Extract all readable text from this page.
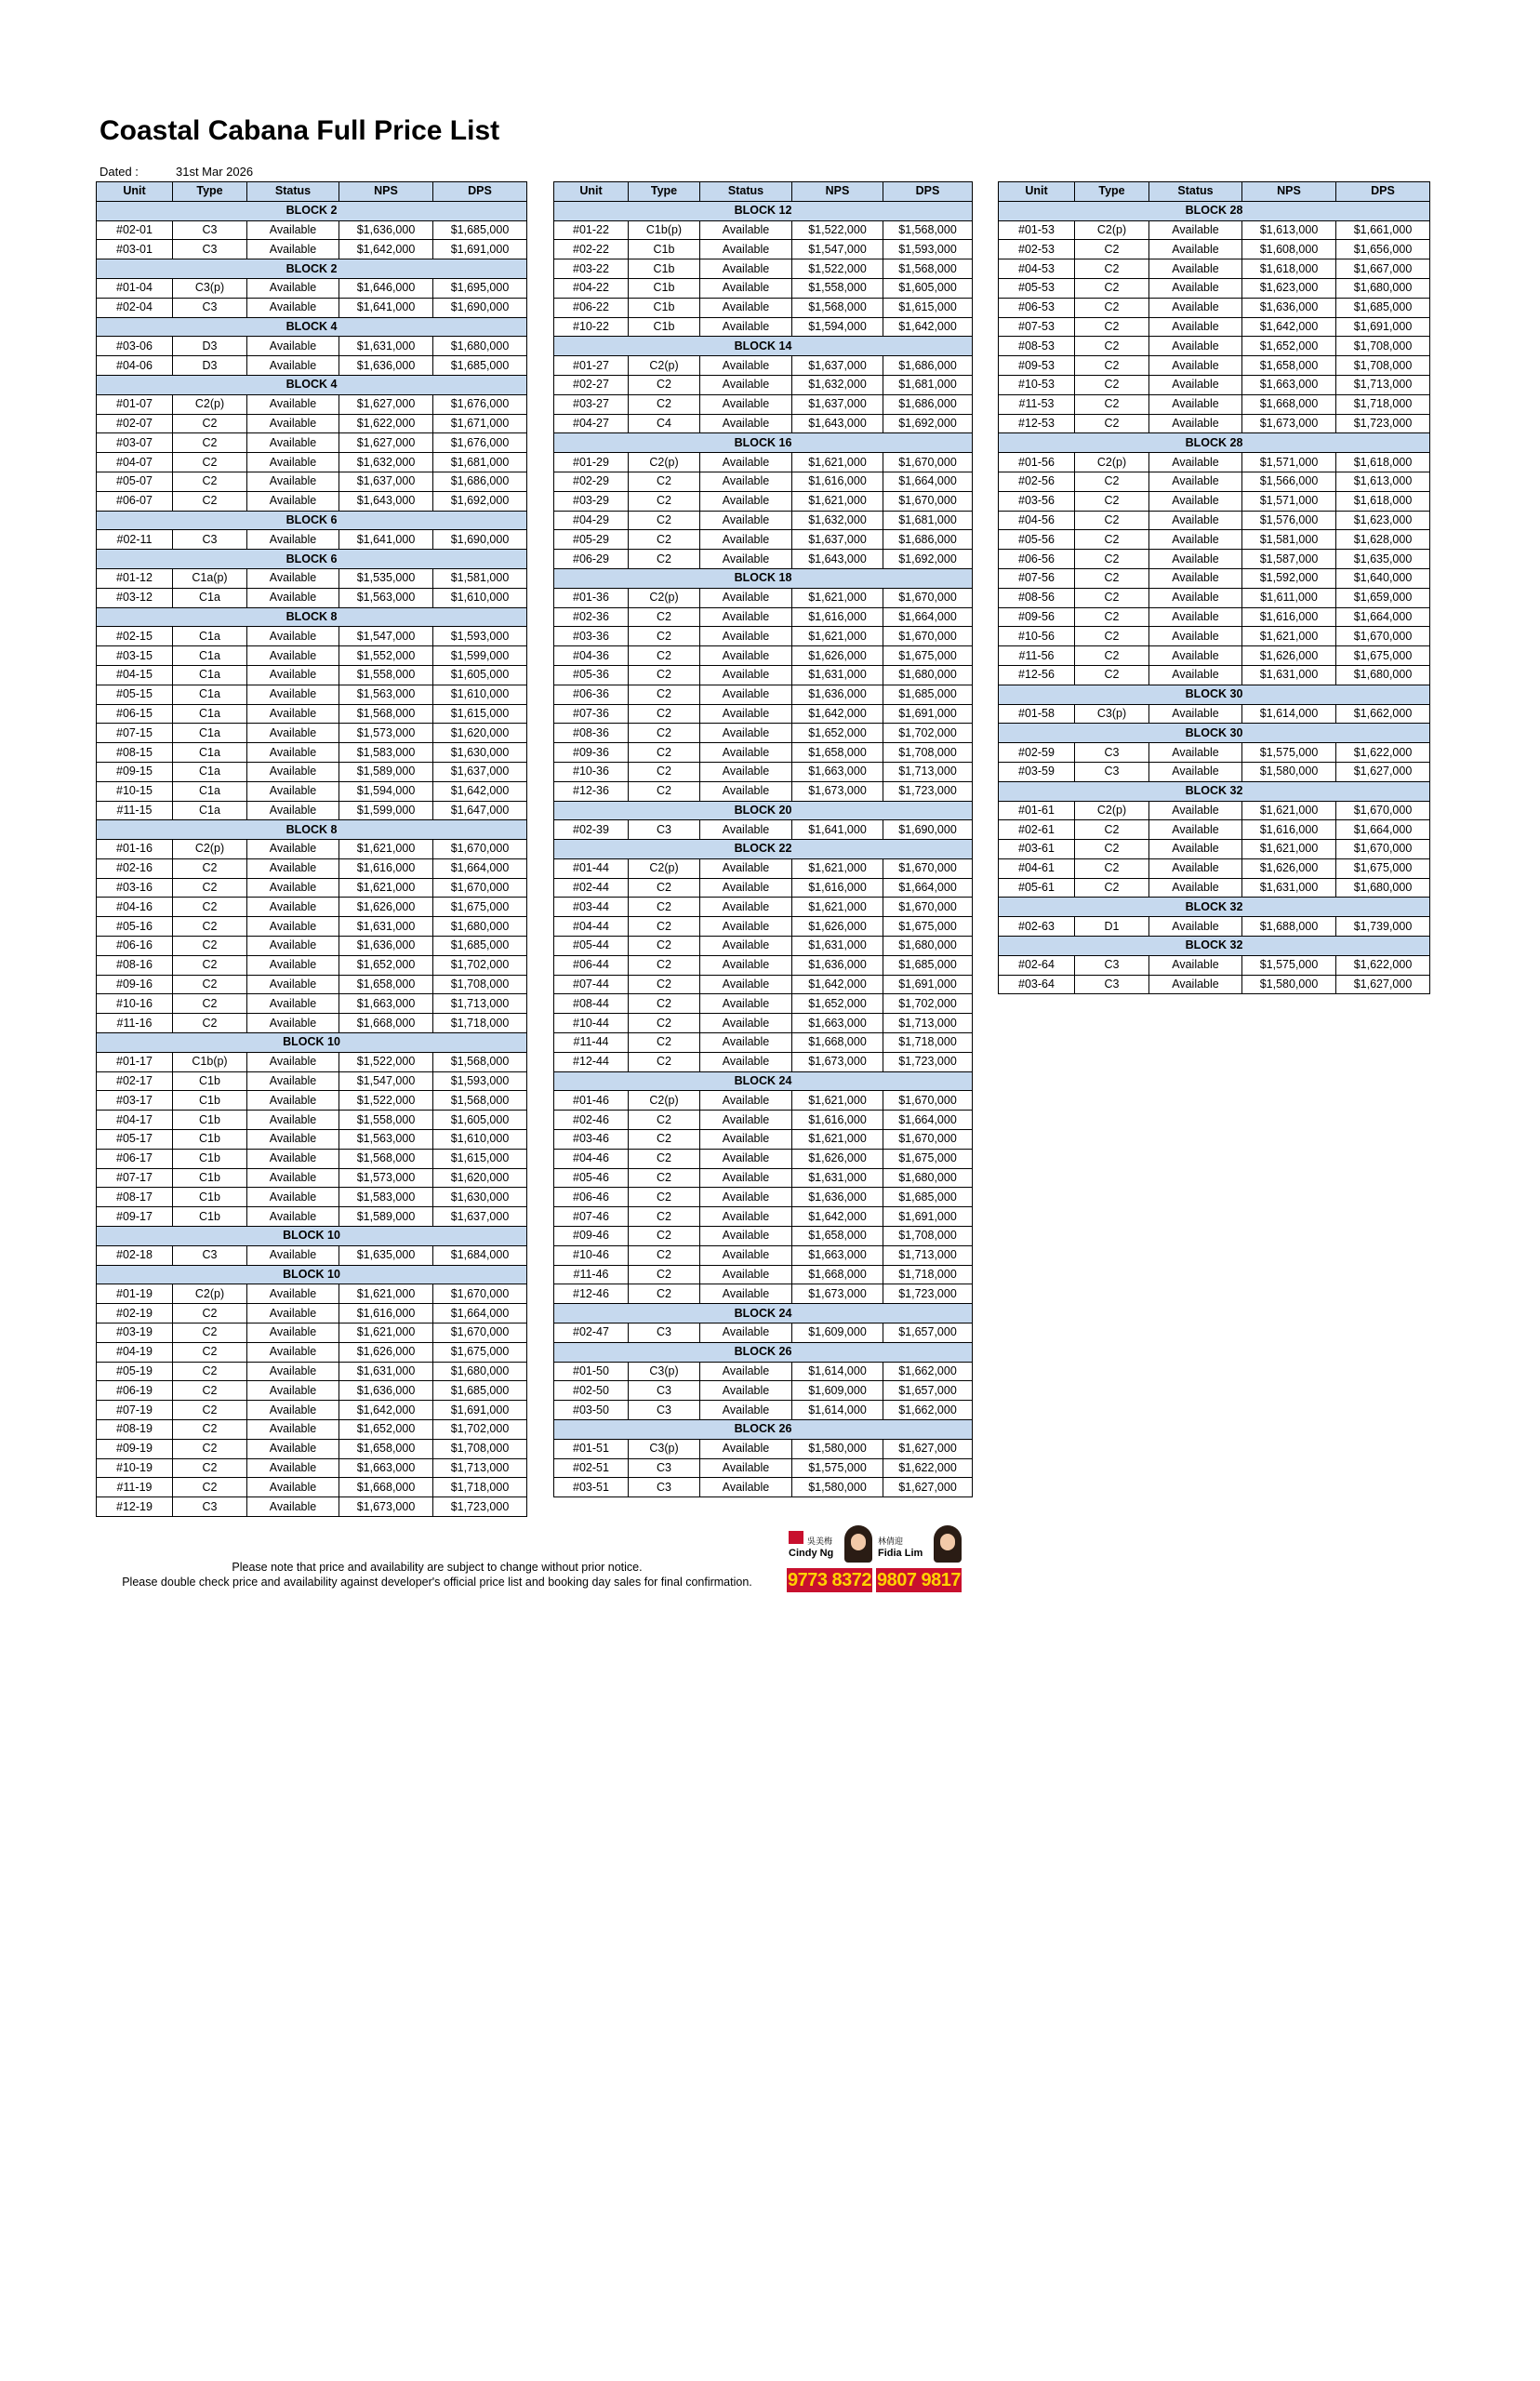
Coastal Cabana Full Price List
Dated :	31st Mar 2026
Unit	Type	Status	NPS	DPS
BLOCK 2				
#02-01	C3	Available	$1,636,000	$1,685,000
#03-01	C3	Available	$1,642,000	$1,691,000
BLOCK 2				
#01-04	C3(p)	Available	$1,646,000	$1,695,000
#02-04	C3	Available	$1,641,000	$1,690,000
BLOCK 4				
#03-06	D3	Available	$1,631,000	$1,680,000
#04-06	D3	Available	$1,636,000	$1,685,000
BLOCK 4				
#01-07	C2(p)	Available	$1,627,000	$1,676,000
#02-07	C2	Available	$1,622,000	$1,671,000
#03-07	C2	Available	$1,627,000	$1,676,000
#04-07	C2	Available	$1,632,000	$1,681,000
#05-07	C2	Available	$1,637,000	$1,686,000
#06-07	C2	Available	$1,643,000	$1,692,000
BLOCK 6				
#02-11	C3	Available	$1,641,000	$1,690,000
BLOCK 6				
#01-12	C1a(p)	Available	$1,535,000	$1,581,000
#03-12	C1a	Available	$1,563,000	$1,610,000
BLOCK 8				
#02-15	C1a	Available	$1,547,000	$1,593,000
#03-15	C1a	Available	$1,552,000	$1,599,000
#04-15	C1a	Available	$1,558,000	$1,605,000
#05-15	C1a	Available	$1,563,000	$1,610,000
#06-15	C1a	Available	$1,568,000	$1,615,000
#07-15	C1a	Available	$1,573,000	$1,620,000
#08-15	C1a	Available	$1,583,000	$1,630,000
#09-15	C1a	Available	$1,589,000	$1,637,000
#10-15	C1a	Available	$1,594,000	$1,642,000
#11-15	C1a	Available	$1,599,000	$1,647,000
BLOCK 8				
#01-16	C2(p)	Available	$1,621,000	$1,670,000
#02-16	C2	Available	$1,616,000	$1,664,000
#03-16	C2	Available	$1,621,000	$1,670,000
#04-16	C2	Available	$1,626,000	$1,675,000
#05-16	C2	Available	$1,631,000	$1,680,000
#06-16	C2	Available	$1,636,000	$1,685,000
#08-16	C2	Available	$1,652,000	$1,702,000
#09-16	C2	Available	$1,658,000	$1,708,000
#10-16	C2	Available	$1,663,000	$1,713,000
#11-16	C2	Available	$1,668,000	$1,718,000
BLOCK 10				
#01-17	C1b(p)	Available	$1,522,000	$1,568,000
#02-17	C1b	Available	$1,547,000	$1,593,000
#03-17	C1b	Available	$1,522,000	$1,568,000
#04-17	C1b	Available	$1,558,000	$1,605,000
#05-17	C1b	Available	$1,563,000	$1,610,000
#06-17	C1b	Available	$1,568,000	$1,615,000
#07-17	C1b	Available	$1,573,000	$1,620,000
#08-17	C1b	Available	$1,583,000	$1,630,000
#09-17	C1b	Available	$1,589,000	$1,637,000
BLOCK 10				
#02-18	C3	Available	$1,635,000	$1,684,000
BLOCK 10				
#01-19	C2(p)	Available	$1,621,000	$1,670,000
#02-19	C2	Available	$1,616,000	$1,664,000
#03-19	C2	Available	$1,621,000	$1,670,000
#04-19	C2	Available	$1,626,000	$1,675,000
#05-19	C2	Available	$1,631,000	$1,680,000
#06-19	C2	Available	$1,636,000	$1,685,000
#07-19	C2	Available	$1,642,000	$1,691,000
#08-19	C2	Available	$1,652,000	$1,702,000
#09-19	C2	Available	$1,658,000	$1,708,000
#10-19	C2	Available	$1,663,000	$1,713,000
#11-19	C2	Available	$1,668,000	$1,718,000
#12-19	C3	Available	$1,673,000	$1,723,000
Unit	Type	Status	NPS	DPS
BLOCK 12				
#01-22	C1b(p)	Available	$1,522,000	$1,568,000
#02-22	C1b	Available	$1,547,000	$1,593,000
#03-22	C1b	Available	$1,522,000	$1,568,000
#04-22	C1b	Available	$1,558,000	$1,605,000
#06-22	C1b	Available	$1,568,000	$1,615,000
#10-22	C1b	Available	$1,594,000	$1,642,000
BLOCK 14				
#01-27	C2(p)	Available	$1,637,000	$1,686,000
#02-27	C2	Available	$1,632,000	$1,681,000
#03-27	C2	Available	$1,637,000	$1,686,000
#04-27	C4	Available	$1,643,000	$1,692,000
BLOCK 16				
#01-29	C2(p)	Available	$1,621,000	$1,670,000
#02-29	C2	Available	$1,616,000	$1,664,000
#03-29	C2	Available	$1,621,000	$1,670,000
#04-29	C2	Available	$1,632,000	$1,681,000
#05-29	C2	Available	$1,637,000	$1,686,000
#06-29	C2	Available	$1,643,000	$1,692,000
BLOCK 18				
#01-36	C2(p)	Available	$1,621,000	$1,670,000
#02-36	C2	Available	$1,616,000	$1,664,000
#03-36	C2	Available	$1,621,000	$1,670,000
#04-36	C2	Available	$1,626,000	$1,675,000
#05-36	C2	Available	$1,631,000	$1,680,000
#06-36	C2	Available	$1,636,000	$1,685,000
#07-36	C2	Available	$1,642,000	$1,691,000
#08-36	C2	Available	$1,652,000	$1,702,000
#09-36	C2	Available	$1,658,000	$1,708,000
#10-36	C2	Available	$1,663,000	$1,713,000
#12-36	C2	Available	$1,673,000	$1,723,000
BLOCK 20				
#02-39	C3	Available	$1,641,000	$1,690,000
BLOCK 22				
#01-44	C2(p)	Available	$1,621,000	$1,670,000
#02-44	C2	Available	$1,616,000	$1,664,000
#03-44	C2	Available	$1,621,000	$1,670,000
#04-44	C2	Available	$1,626,000	$1,675,000
#05-44	C2	Available	$1,631,000	$1,680,000
#06-44	C2	Available	$1,636,000	$1,685,000
#07-44	C2	Available	$1,642,000	$1,691,000
#08-44	C2	Available	$1,652,000	$1,702,000
#10-44	C2	Available	$1,663,000	$1,713,000
#11-44	C2	Available	$1,668,000	$1,718,000
#12-44	C2	Available	$1,673,000	$1,723,000
BLOCK 24				
#01-46	C2(p)	Available	$1,621,000	$1,670,000
#02-46	C2	Available	$1,616,000	$1,664,000
#03-46	C2	Available	$1,621,000	$1,670,000
#04-46	C2	Available	$1,626,000	$1,675,000
#05-46	C2	Available	$1,631,000	$1,680,000
#06-46	C2	Available	$1,636,000	$1,685,000
#07-46	C2	Available	$1,642,000	$1,691,000
#09-46	C2	Available	$1,658,000	$1,708,000
#10-46	C2	Available	$1,663,000	$1,713,000
#11-46	C2	Available	$1,668,000	$1,718,000
#12-46	C2	Available	$1,673,000	$1,723,000
BLOCK 24				
#02-47	C3	Available	$1,609,000	$1,657,000
BLOCK 26				
#01-50	C3(p)	Available	$1,614,000	$1,662,000
#02-50	C3	Available	$1,609,000	$1,657,000
#03-50	C3	Available	$1,614,000	$1,662,000
BLOCK 26				
#01-51	C3(p)	Available	$1,580,000	$1,627,000
#02-51	C3	Available	$1,575,000	$1,622,000
#03-51	C3	Available	$1,580,000	$1,627,000
Unit	Type	Status	NPS	DPS
BLOCK 28				
#01-53	C2(p)	Available	$1,613,000	$1,661,000
#02-53	C2	Available	$1,608,000	$1,656,000
#04-53	C2	Available	$1,618,000	$1,667,000
#05-53	C2	Available	$1,623,000	$1,680,000
#06-53	C2	Available	$1,636,000	$1,685,000
#07-53	C2	Available	$1,642,000	$1,691,000
#08-53	C2	Available	$1,652,000	$1,708,000
#09-53	C2	Available	$1,658,000	$1,708,000
#10-53	C2	Available	$1,663,000	$1,713,000
#11-53	C2	Available	$1,668,000	$1,718,000
#12-53	C2	Available	$1,673,000	$1,723,000
BLOCK 28				
#01-56	C2(p)	Available	$1,571,000	$1,618,000
#02-56	C2	Available	$1,566,000	$1,613,000
#03-56	C2	Available	$1,571,000	$1,618,000
#04-56	C2	Available	$1,576,000	$1,623,000
#05-56	C2	Available	$1,581,000	$1,628,000
#06-56	C2	Available	$1,587,000	$1,635,000
#07-56	C2	Available	$1,592,000	$1,640,000
#08-56	C2	Available	$1,611,000	$1,659,000
#09-56	C2	Available	$1,616,000	$1,664,000
#10-56	C2	Available	$1,621,000	$1,670,000
#11-56	C2	Available	$1,626,000	$1,675,000
#12-56	C2	Available	$1,631,000	$1,680,000
BLOCK 30				
#01-58	C3(p)	Available	$1,614,000	$1,662,000
BLOCK 30				
#02-59	C3	Available	$1,575,000	$1,622,000
#03-59	C3	Available	$1,580,000	$1,627,000
BLOCK 32				
#01-61	C2(p)	Available	$1,621,000	$1,670,000
#02-61	C2	Available	$1,616,000	$1,664,000
#03-61	C2	Available	$1,621,000	$1,670,000
#04-61	C2	Available	$1,626,000	$1,675,000
#05-61	C2	Available	$1,631,000	$1,680,000
BLOCK 32				
#02-63	D1	Available	$1,688,000	$1,739,000
BLOCK 32				
#02-64	C3	Available	$1,575,000	$1,622,000
#03-64	C3	Available	$1,580,000	$1,627,000
Please note that price and availability are subject to change without prior notice.
Please double check price and availability against developer's official price list and booking day sales for final confirmation.
吳美梅
Cindy Ng
林倩迎
Fidia Lim
9773 8372 9807 9817
